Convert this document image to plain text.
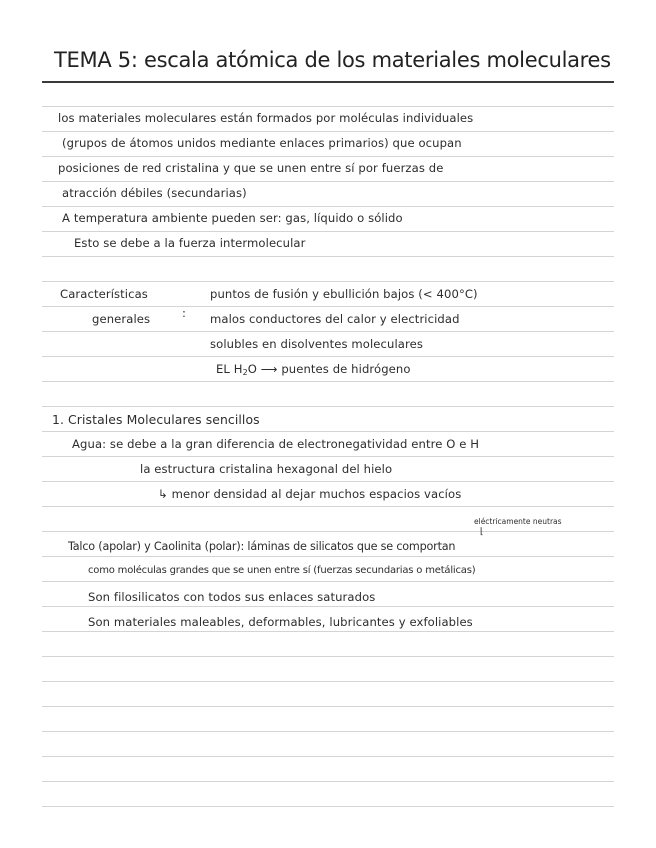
TEMA 5: escala atómica de los materiales moleculares
los materiales moleculares están formados por moléculas individuales
(grupos de átomos unidos mediante enlaces primarios) que ocupan
posiciones de red cristalina y que se unen entre sí por fuerzas de
atracción débiles (secundarias)
A temperatura ambiente pueden ser: gas, líquido o sólido
Esto se debe a la fuerza intermolecular
Características
generales	:
puntos de fusión y ebullición bajos (< 400°C)
malos conductores del calor y electricidad
solubles en disolventes moleculares
EL $H_2O$ ⟶ puentes de hidrógeno
1. Cristales Moleculares sencillos
Agua: se debe a la gran diferencia de electronegatividad entre O e H
la estructura cristalina hexagonal del hielo
↳ menor densidad al dejar muchos espacios vacíos
eléctricamente neutras
⌊
Talco (apolar) y Caolinita (polar): láminas de silicatos que se comportan
como moléculas grandes que se unen entre sí (fuerzas secundarias o metálicas)
Son filosilicatos con todos sus enlaces saturados
Son materiales maleables, deformables, lubricantes y exfoliables
